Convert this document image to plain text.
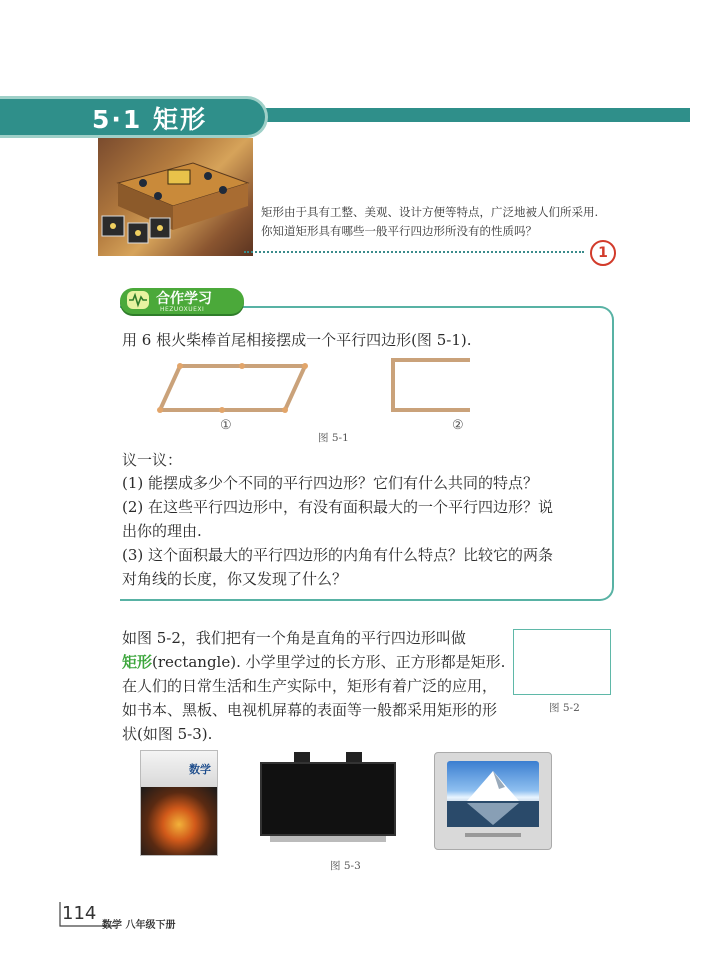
5·1 矩形
矩形由于具有工整、美观、设计方便等特点，广泛地被人们所采用.
你知道矩形具有哪些一般平行四边形所没有的性质吗？
1
合作学习
HEZUOXUEXI
用 6 根火柴棒首尾相接摆成一个平行四边形(图 5-1).
①	②
图 5-1
议一议：
(1) 能摆成多少个不同的平行四边形？它们有什么共同的特点？
(2) 在这些平行四边形中，有没有面积最大的一个平行四边形？说
出你的理由.
(3) 这个面积最大的平行四边形的内角有什么特点？比较它的两条
对角线的长度，你又发现了什么？
如图 5-2，我们把有一个角是直角的平行四边形叫做
矩形(rectangle). 小学里学过的长方形、正方形都是矩形.
在人们的日常生活和生产实际中，矩形有着广泛的应用，
如书本、黑板、电视机屏幕的表面等一般都采用矩形的形
状(如图 5-3).
图 5-2
数学
图 5-3
114
数学 八年级下册
